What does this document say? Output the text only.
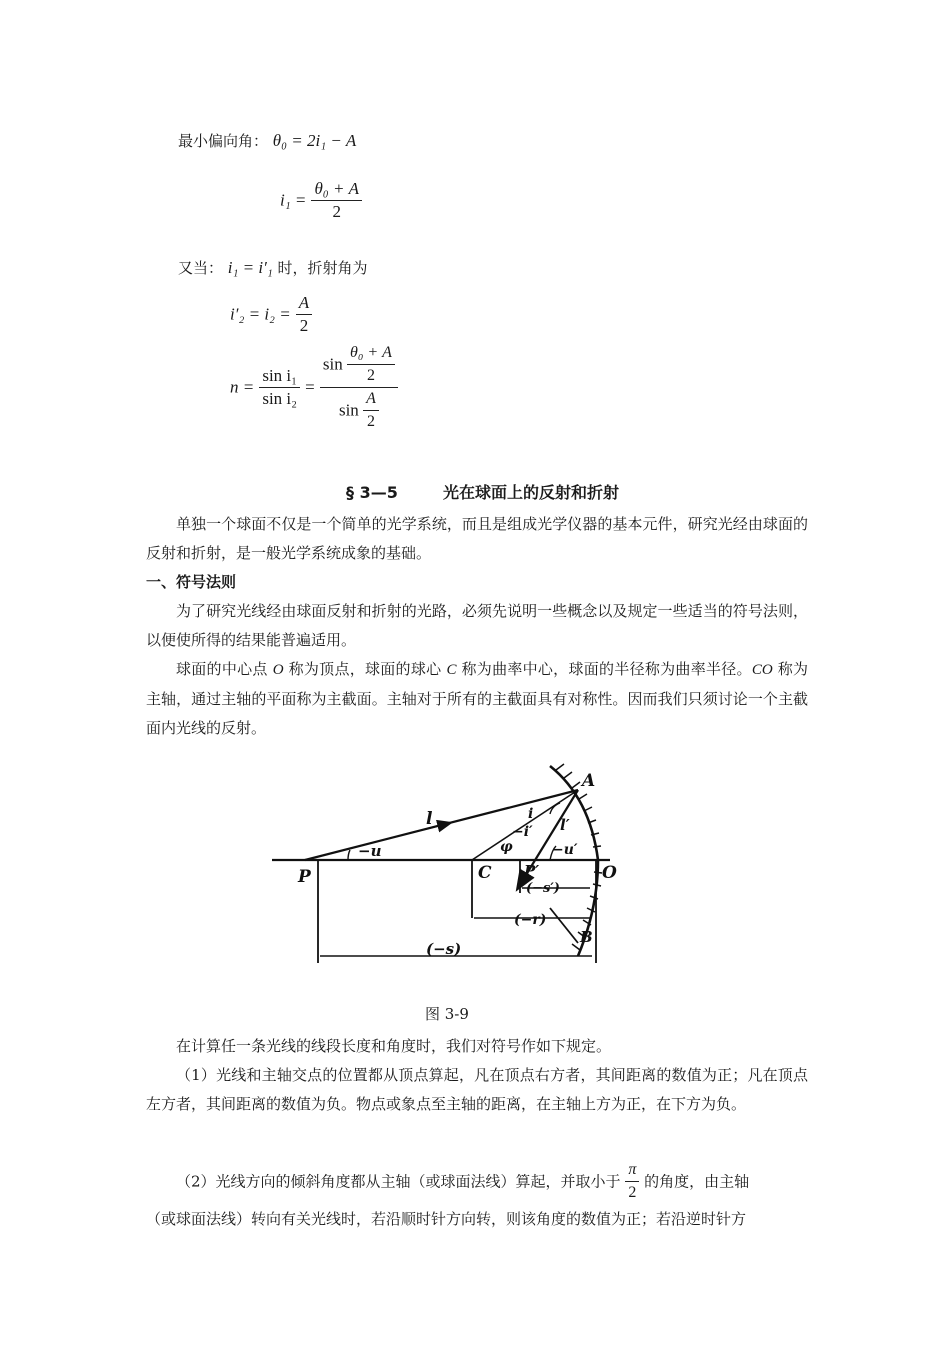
最小偏向角： θ₀ = 2i₁ − A
$i_1 = \frac{\text{θ₀ + A}}{2}$
又当： i₁ = i′₁ 时，折射角为
$i'_2 = i_2 = \frac{A}{2}$
$n = \frac{\text{sin i₁}}{\text{sin i₂}} = \frac{\sin \frac{\text{θ₀ + A}}{2}}{\sin \frac{A}{2}}$
§ 3—5	光在球面上的反射和折射

单独一个球面不仅是一个简单的光学系统，而且是组成光学仪器的基本元件，研究光经由球面的反射和折射，是一般光学系统成象的基础。

一、符号法则

为了研究光线经由球面反射和折射的光路，必须先说明一些概念以及规定一些适当的符号法则，以便使所得的结果能普遍适用。

球面的中心点 O 称为顶点，球面的球心 C 称为曲率中心，球面的半径称为曲率半径。CO 称为主轴，通过主轴的平面称为主截面。主轴对于所有的主截面具有对称性。因而我们只须讨论一个主截面内光线的反射。

A
P	C P′	O
B
l	l′
i
−i′
φ
−u	−u′
(−s′)
(−r)
(−s)
图 3-9

在计算任一条光线的线段长度和角度时，我们对符号作如下规定。

（1）光线和主轴交点的位置都从顶点算起，凡在顶点右方者，其间距离的数值为正；凡在顶点左方者，其间距离的数值为负。物点或象点至主轴的距离，在主轴上方为正，在下方为负。

（2）光线方向的倾斜角度都从主轴（或球面法线）算起，并取小于 $\frac{\pi}{2}$ 的角度，由主轴
（或球面法线）转向有关光线时，若沿顺时针方向转，则该角度的数值为正；若沿逆时针方
